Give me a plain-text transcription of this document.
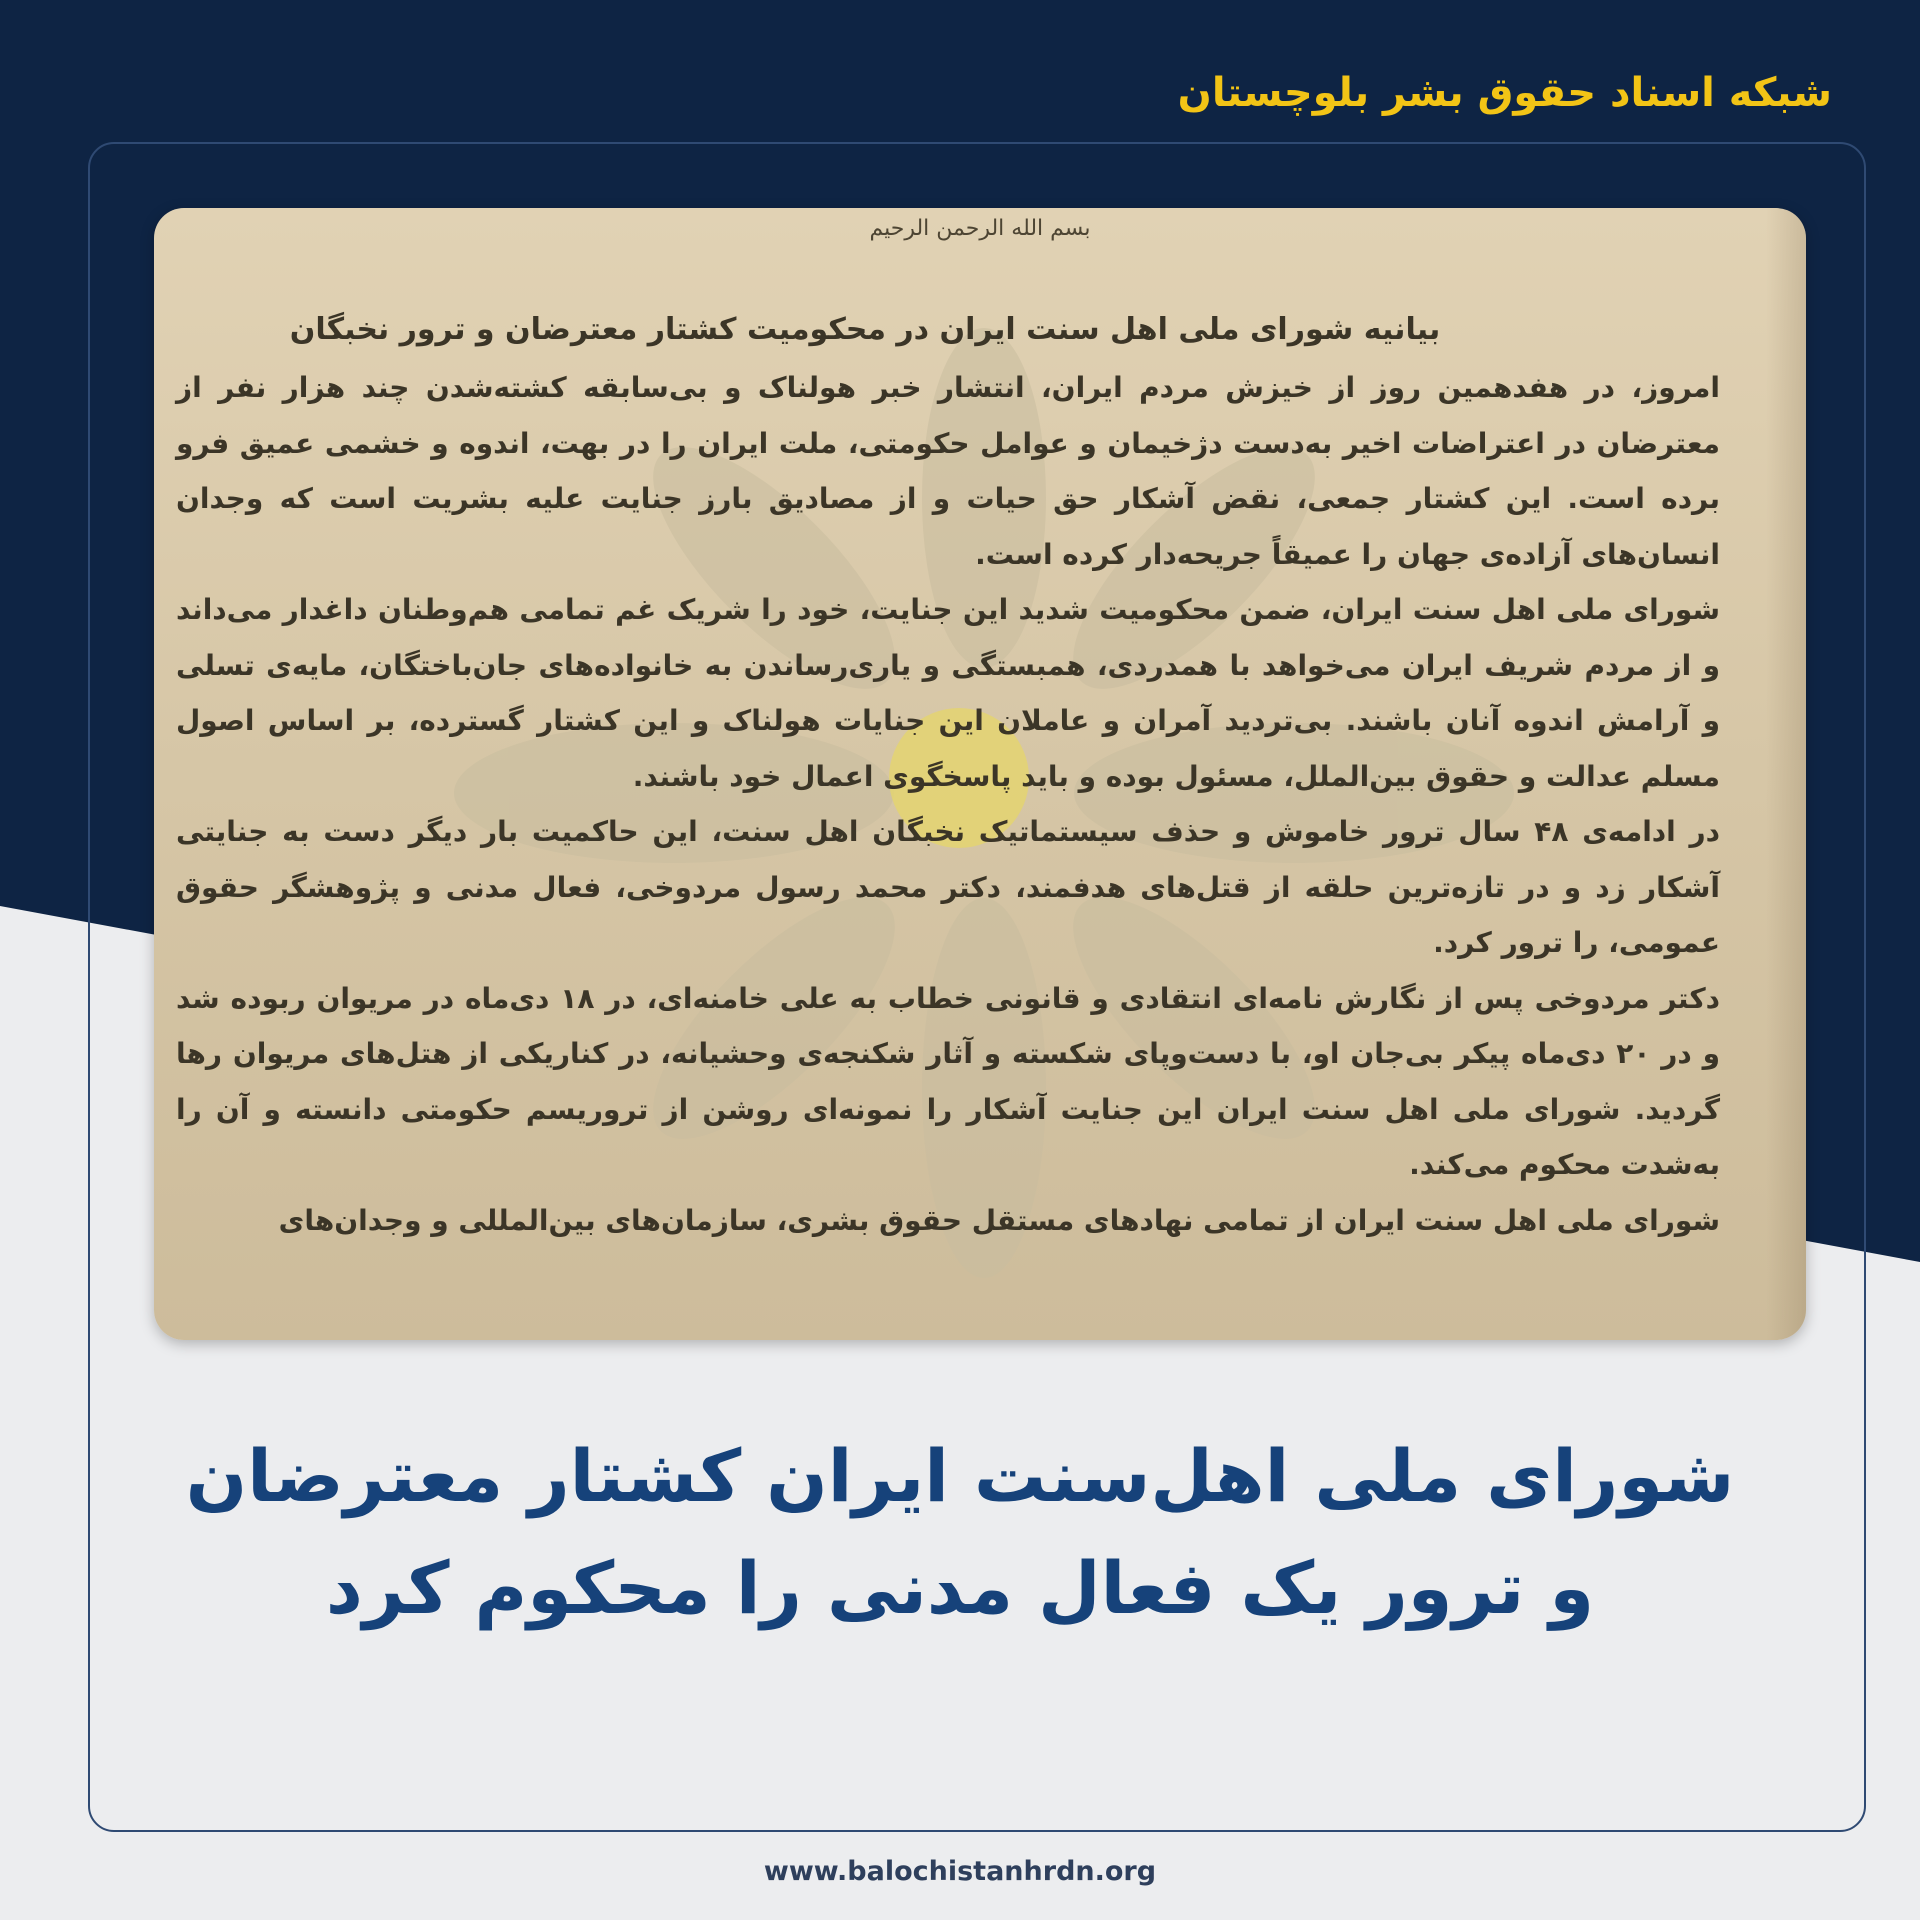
شبکه اسناد حقوق بشر بلوچستان
بسم الله الرحمن الرحیم
بیانیه شورای ملی اهل سنت ایران در محکومیت کشتار معترضان و ترور نخبگان

امروز، در هفدهمین روز از خیزش مردم ایران، انتشار خبر هولناک و بی‌سابقه کشته‌شدن چند هزار نفر از معترضان در اعتراضات اخیر به‌دست دژخیمان و عوامل حکومتی، ملت ایران را در بهت، اندوه و خشمی عمیق فرو برده است. این کشتار جمعی، نقض آشکار حق حیات و از مصادیق بارز جنایت علیه بشریت است که وجدان انسان‌های آزاده‌ی جهان را عمیقاً جریحه‌دار کرده است.

شورای ملی اهل سنت ایران، ضمن محکومیت شدید این جنایت، خود را شریک غم تمامی هم‌وطنان داغدار می‌داند و از مردم شریف ایران می‌خواهد با همدردی، همبستگی و یاری‌رساندن به خانواده‌های جان‌باختگان، مایه‌ی تسلی و آرامش اندوه آنان باشند. بی‌تردید آمران و عاملان این جنایات هولناک و این کشتار گسترده، بر اساس اصول مسلم عدالت و حقوق بین‌الملل، مسئول بوده و باید پاسخگوی اعمال خود باشند.

در ادامه‌ی ۴۸ سال ترور خاموش و حذف سیستماتیک نخبگان اهل سنت، این حاکمیت بار دیگر دست به جنایتی آشکار زد و در تازه‌ترین حلقه از قتل‌های هدفمند، دکتر محمد رسول مردوخی، فعال مدنی و پژوهشگر حقوق عمومی، را ترور کرد.

دکتر مردوخی پس از نگارش نامه‌ای انتقادی و قانونی خطاب به علی خامنه‌ای، در ۱۸ دی‌ماه در مریوان ربوده شد و در ۲۰ دی‌ماه پیکر بی‌جان او، با دست‌وپای شکسته و آثار شکنجه‌ی وحشیانه، در کناریکی از هتل‌های مریوان رها گردید. شورای ملی اهل سنت ایران این جنایت آشکار را نمونه‌ای روشن از تروریسم حکومتی دانسته و آن را به‌شدت محکوم می‌کند.

شورای ملی اهل سنت ایران از تمامی نهادهای مستقل حقوق بشری، سازمان‌های بین‌المللی و وجدان‌های

شورای ملی اهل‌سنت ایران کشتار معترضان
و ترور یک فعال مدنی را محکوم کرد
www.balochistanhrdn.org
